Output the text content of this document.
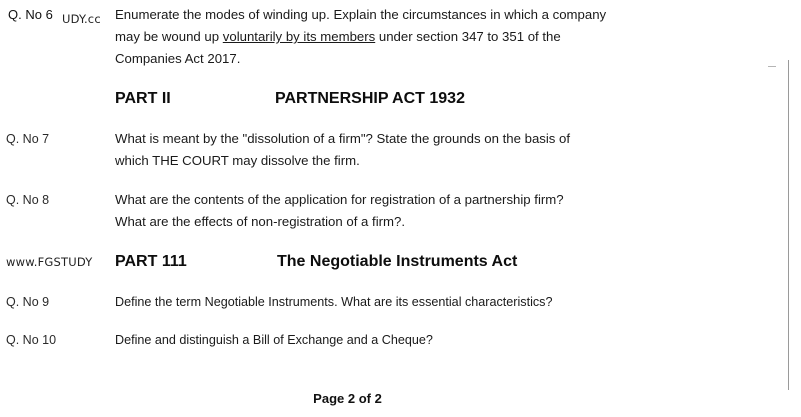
Q. No 6 UDY.cc Enumerate the modes of winding up. Explain the circumstances in which a company
may be wound up voluntarily by its members under section 347 to 351 of the
Companies Act 2017.
PART II	PARTNERSHIP ACT 1932
Q. No 7	What is meant by the "dissolution of a firm"? State the grounds on the basis of
which THE COURT may dissolve the firm.
Q. No 8	What are the contents of the application for registration of a partnership firm?
What are the effects of non-registration of a firm?.
www.FGSTUDY PART 111	The Negotiable Instruments Act
Q. No 9	Define the term Negotiable Instruments. What are its essential characteristics?
Q. No 10	Define and distinguish a Bill of Exchange and a Cheque?
Page 2 of 2
